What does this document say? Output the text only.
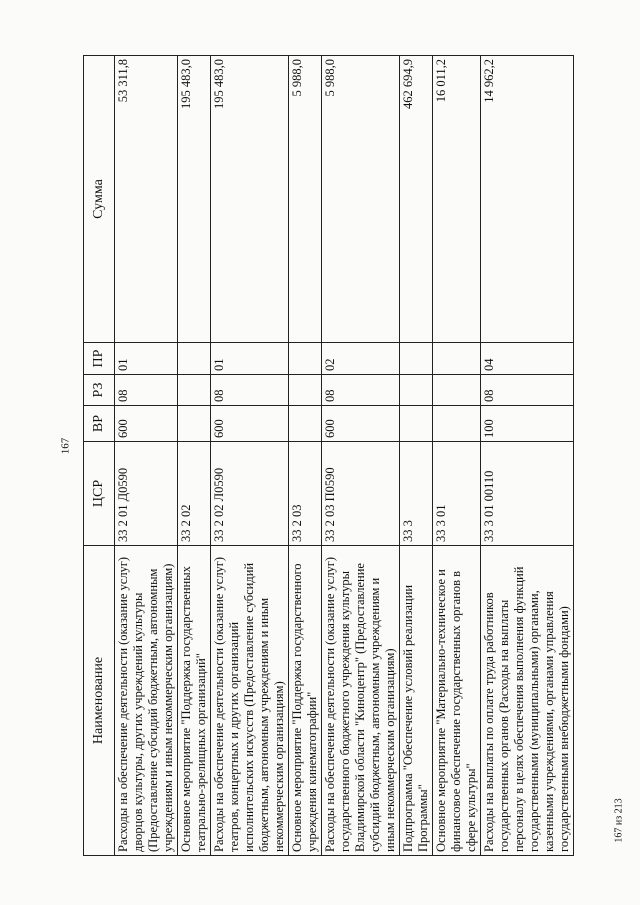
167
Наименование	ЦСР	ВР	РЗ	ПР	Сумма
Расходы на обеспечение деятельности (оказание услуг) дворцов культуры, других учреждений культуры (Предоставление субсидий бюджетным, автономным учреждениям и иным некоммерческим организациям)	33 2 01 Д0590	600	08	01	53 311,8
Основное мероприятие "Поддержка государственных театрально-зрелищных организаций"	33 2 02				195 483,0
Расходы на обеспечение деятельности (оказание услуг) театров, концертных и других организаций исполнительских искусств (Предоставление субсидий бюджетным, автономным учреждениям и иным некоммерческим организациям)	33 2 02 Л0590	600	08	01	195 483,0
Основное мероприятие "Поддержка государственного учреждения кинематографии"	33 2 03				5 988,0
Расходы на обеспечение деятельности (оказание услуг) государственного бюджетного учреждения культуры Владимирской области "Киноцентр" (Предоставление субсидий бюджетным, автономным учреждениям и иным некоммерческим организациям)	33 2 03 П0590	600	08	02	5 988,0
Подпрограмма "Обеспечение условий реализации Программы"	33 3				462 694,9
Основное мероприятие "Материально-техническое и финансовое обеспечение государственных органов в сфере культуры"	33 3 01				16 011,2
Расходы на выплаты по оплате труда работников государственных органов (Расходы на выплаты персоналу в целях обеспечения выполнения функций государственными (муниципальными) органами, казенными учреждениями, органами управления государственными внебюджетными фондами)	33 3 01 00110	100	08	04	14 962,2
167 из 213
